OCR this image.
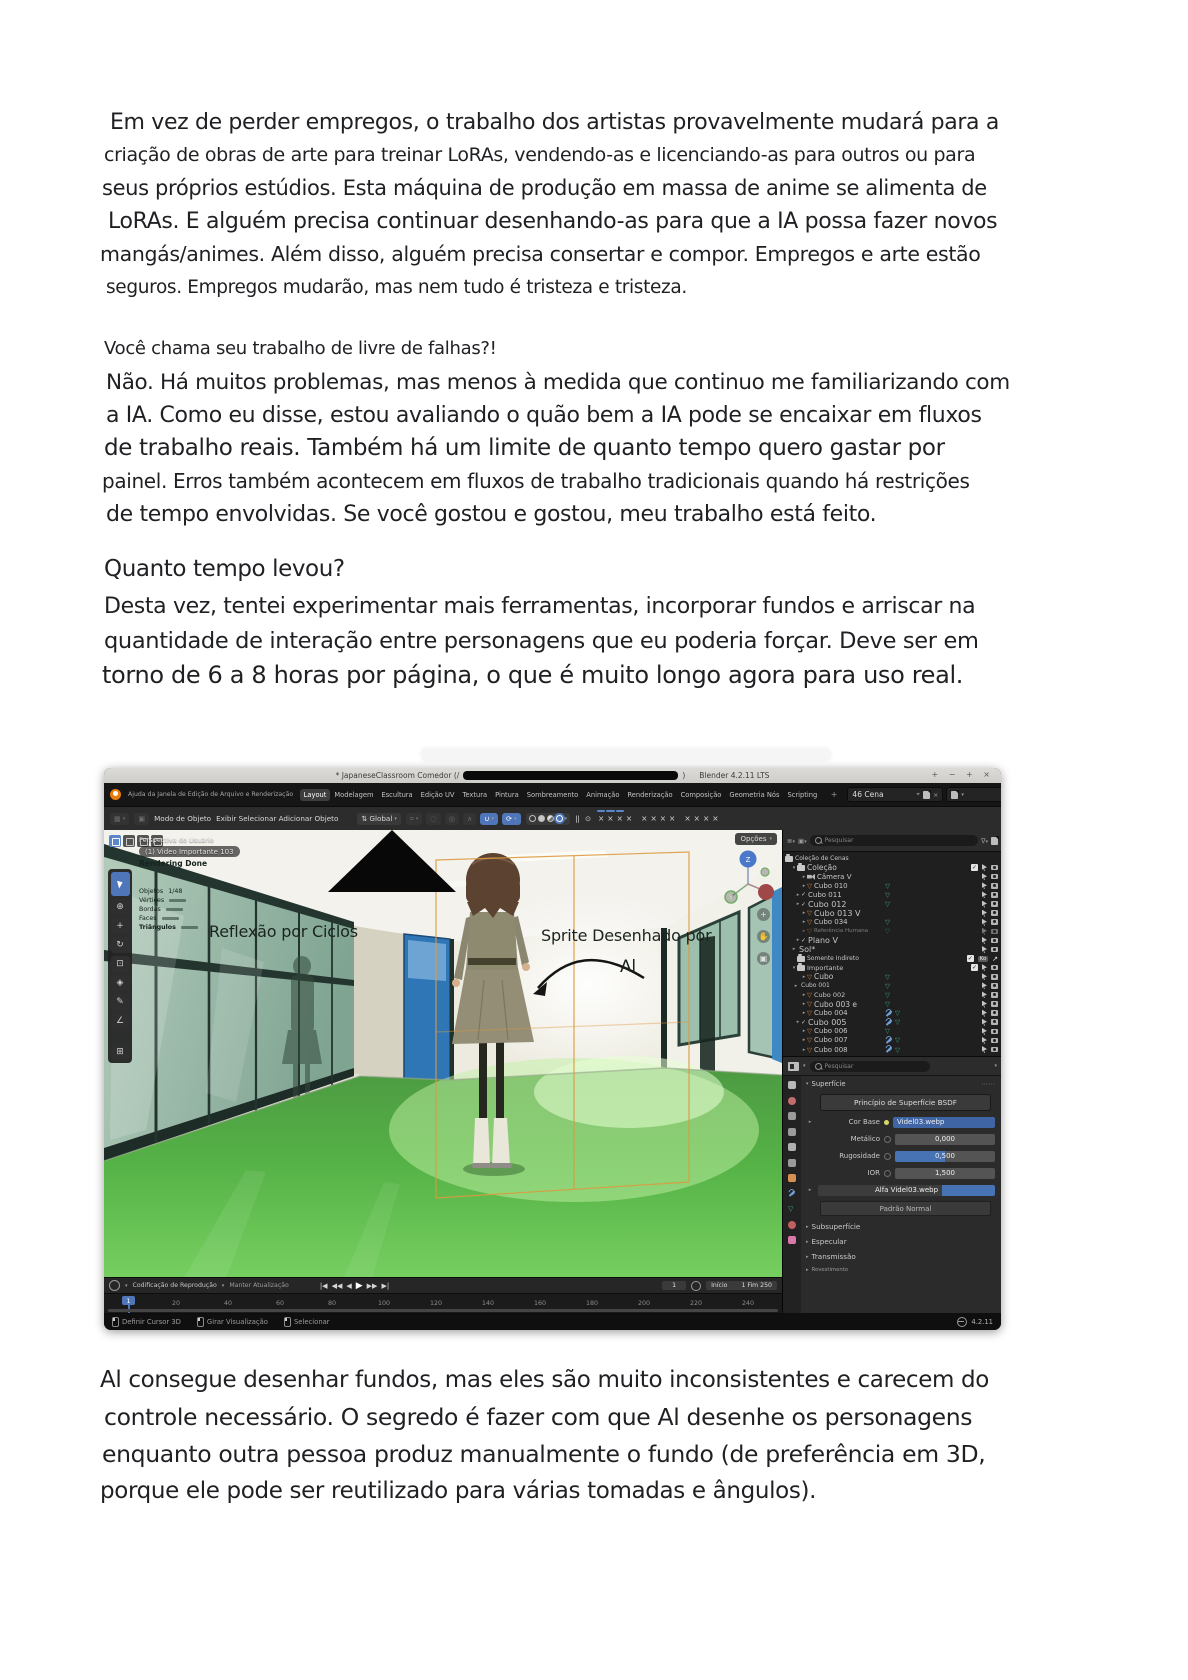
Em vez de perder empregos, o trabalho dos artistas provavelmente mudará para a
criação de obras de arte para treinar LoRAs, vendendo-as e licenciando-as para outros ou para
seus próprios estúdios. Esta máquina de produção em massa de anime se alimenta de
LoRAs. E alguém precisa continuar desenhando-as para que a IA possa fazer novos
mangás/animes. Além disso, alguém precisa consertar e compor. Empregos e arte estão
seguros. Empregos mudarão, mas nem tudo é tristeza e tristeza.
Você chama seu trabalho de livre de falhas?!
Não. Há muitos problemas, mas menos à medida que continuo me familiarizando com
a IA. Como eu disse, estou avaliando o quão bem a IA pode se encaixar em fluxos
de trabalho reais. Também há um limite de quanto tempo quero gastar por
painel. Erros também acontecem em fluxos de trabalho tradicionais quando há restrições
de tempo envolvidas. Se você gostou e gostou, meu trabalho está feito.
Quanto tempo levou?
Desta vez, tentei experimentar mais ferramentas, incorporar fundos e arriscar na
quantidade de interação entre personagens que eu poderia forçar. Deve ser em
torno de 6 a 8 horas por página, o que é muito longo agora para uso real.
* JapaneseClassroom Comedor (/	) Blender 4.2.11 LTS	+ − + ×
Ajuda da Janela de Edição de Arquivo e Renderização	Layout	Modelagem	Escultura	Edição UV	Textura	Pintura	Sombreamento	Animação	Renderização	Composição	Geometria Nós	Scripting	+	46 Cena	⌖ ×	▾
▦ ▾	▣	Modo de Objeto Exibir Selecionar Adicionar Objeto	⇅ Global ▾	⌗ ▾	◌	◎	∧	∪ ▾	⟳ ▾	▾ || ⊙ × × × × × × × × × × × ×
Opções ▾
Perspectiva do Usuário
(1) Video Importante 103
Rendering Done
Objetos 1/48
Vértices
Bordas
Faces
Triângulos
⊕
+
↻
⊡
◈
✎
∠
⊞
Reflexão por Ciclos	Sprite Desenhado por
Al
Z
Y
+
✋
▣
▾ Codificação de Reprodução ▾ Manter Atualização	|◀ ◀◀ ◀ ▶ ▶▶ ▶|	1	Início 1 Fim 250
1	20	40	60	80	100	120	140	160	180	200	220	240
≣▾ ▣▾	Pesquisar	∇▾
Coleção de Cenas
▾ Coleção	✓
▸ Câmera V
▸ ▽ Cubo 010	▽
▸ ✓ Cubo 011	▽
▸ ✓ Cubo 012	▽
▸ ▽ Cubo 013 V
▸ ▽ Cubo 034	▽
▸ ▽ Referência Humana	▽
▸ ✓ Plano V
▸ Sol*
Somente Indireto	✓	Ko ↗
▾ Importante	✓
▸ ▽ Cubo	▽
▸ Cubo 001	▽
▸ ▽ Cubo 002	▽
▸ ▽ Cubo 003 e	▽
▸ ▽ Cubo 004	▽
▸ ✓ Cubo 005	▽
▸ ▽ Cubo 006	▽
▸ ▽ Cubo 007	▽
▸ ▽ Cubo 008	▽
▾	Pesquisar	▾
▽
▾ Superfície	⋯⋯
Princípio de Superfície BSDF
▸	Cor Base Videl03.webp
Metálico	0,000
Rugosidade	0,500
IOR	1,500
▸	Alfa Videl03.webp
Padrão Normal
▸ Subsuperfície
▸ Especular
▸ Transmissão
▸ Revestimento
Definir Cursor 3D	Girar Visualização	Selecionar	4.2.11
Al consegue desenhar fundos, mas eles são muito inconsistentes e carecem do
controle necessário. O segredo é fazer com que Al desenhe os personagens
enquanto outra pessoa produz manualmente o fundo (de preferência em 3D,
porque ele pode ser reutilizado para várias tomadas e ângulos).
